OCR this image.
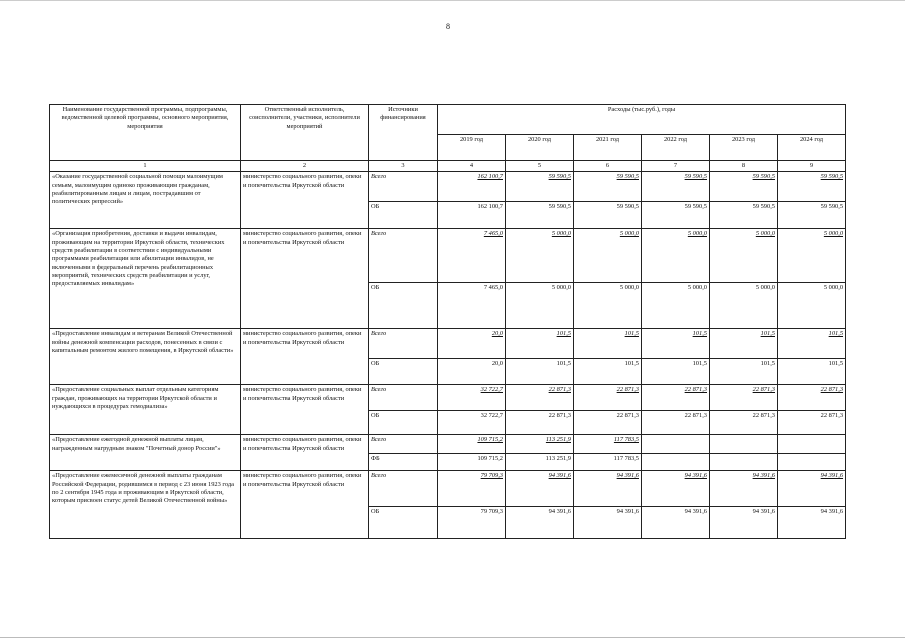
8
Наименование государственной программы, подпрограммы, ведомственной целевой программы, основного мероприятия, мероприятия	Ответственный исполнитель, соисполнители, участники, исполнители мероприятий	Источники финансирования	Расходы (тыс.руб.), годы					
			2019 год	2020 год	2021 год	2022 год	2023 год	2024 год
1	2	3	4	5	6	7	8	9
«Оказание государственной социальной помощи малоимущим семьям, малоимущим одиноко проживающим гражданам, реабилитированным лицам и лицам, пострадавшим от политических репрессий»	министерство социального развития, опеки и попечительства Иркутской области	Всего	162 100,7	59 590,5	59 590,5	59 590,5	59 590,5	59 590,5
		ОБ	162 100,7	59 590,5	59 590,5	59 590,5	59 590,5	59 590,5
«Организация приобретения, доставки и выдачи инвалидам, проживающим на территории Иркутской области, технических средств реабилитации в соответствии с индивидуальными программами реабилитации или абилитации инвалидов, не включенными в федеральный перечень реабилитационных мероприятий, технических средств реабилитации и услуг, предоставляемых инвалидам»	министерство социального развития, опеки и попечительства Иркутской области	Всего	7 465,0	5 000,0	5 000,0	5 000,0	5 000,0	5 000,0
		ОБ	7 465,0	5 000,0	5 000,0	5 000,0	5 000,0	5 000,0
«Предоставление инвалидам и ветеранам Великой Отечественной войны денежной компенсации расходов, понесенных в связи с капитальным ремонтом жилого помещения, в Иркутской области»	министерство социального развития, опеки и попечительства Иркутской области	Всего	20,0	101,5	101,5	101,5	101,5	101,5
		ОБ	20,0	101,5	101,5	101,5	101,5	101,5
«Предоставление социальных выплат отдельным категориям граждан, проживающих на территории Иркутской области и нуждающихся в процедурах гемодиализа»	министерство социального развития, опеки и попечительства Иркутской области	Всего	32 722,7	22 871,3	22 871,3	22 871,3	22 871,3	22 871,3
		ОБ	32 722,7	22 871,3	22 871,3	22 871,3	22 871,3	22 871,3
«Предоставление ежегодной денежной выплаты лицам, награжденным нагрудным знаком "Почетный донор России"»	министерство социального развития, опеки и попечительства Иркутской области	Всего	109 715,2	113 251,9	117 783,5			
		ФБ	109 715,2	113 251,9	117 783,5			
«Предоставление ежемесячной денежной выплаты гражданам Российской Федерации, родившимся в период с 23 июня 1923 года по 2 сентября 1945 года и проживающим в Иркутской области, которым присвоен статус детей Великой Отечественной войны»	министерство социального развития, опеки и попечительства Иркутской области	Всего	79 709,3	94 391,6	94 391,6	94 391,6	94 391,6	94 391,6
		ОБ	79 709,3	94 391,6	94 391,6	94 391,6	94 391,6	94 391,6
